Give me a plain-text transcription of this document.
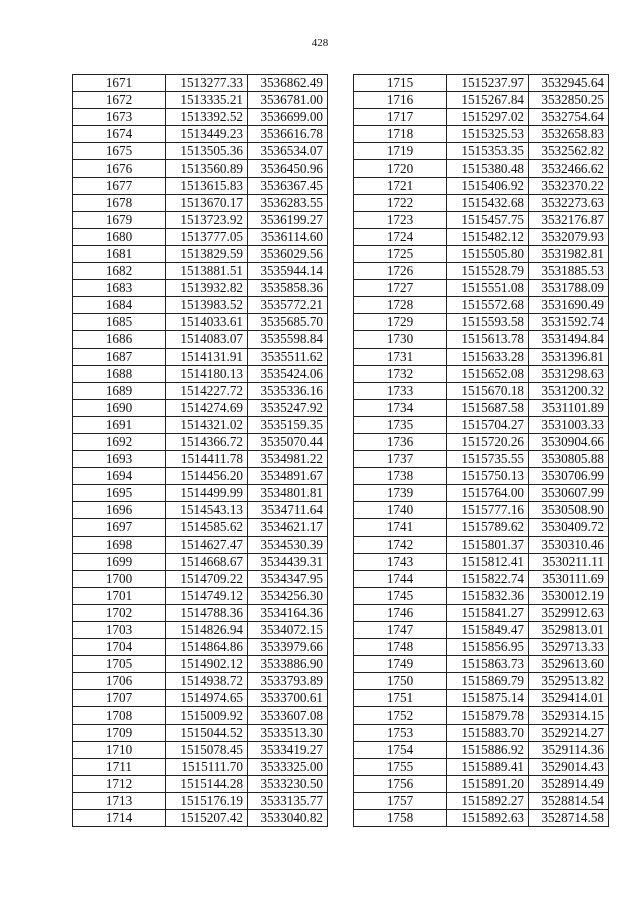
428
1671	1513277.33	3536862.49
1672	1513335.21	3536781.00
1673	1513392.52	3536699.00
1674	1513449.23	3536616.78
1675	1513505.36	3536534.07
1676	1513560.89	3536450.96
1677	1513615.83	3536367.45
1678	1513670.17	3536283.55
1679	1513723.92	3536199.27
1680	1513777.05	3536114.60
1681	1513829.59	3536029.56
1682	1513881.51	3535944.14
1683	1513932.82	3535858.36
1684	1513983.52	3535772.21
1685	1514033.61	3535685.70
1686	1514083.07	3535598.84
1687	1514131.91	3535511.62
1688	1514180.13	3535424.06
1689	1514227.72	3535336.16
1690	1514274.69	3535247.92
1691	1514321.02	3535159.35
1692	1514366.72	3535070.44
1693	1514411.78	3534981.22
1694	1514456.20	3534891.67
1695	1514499.99	3534801.81
1696	1514543.13	3534711.64
1697	1514585.62	3534621.17
1698	1514627.47	3534530.39
1699	1514668.67	3534439.31
1700	1514709.22	3534347.95
1701	1514749.12	3534256.30
1702	1514788.36	3534164.36
1703	1514826.94	3534072.15
1704	1514864.86	3533979.66
1705	1514902.12	3533886.90
1706	1514938.72	3533793.89
1707	1514974.65	3533700.61
1708	1515009.92	3533607.08
1709	1515044.52	3533513.30
1710	1515078.45	3533419.27
1711	1515111.70	3533325.00
1712	1515144.28	3533230.50
1713	1515176.19	3533135.77
1714	1515207.42	3533040.82
1715	1515237.97	3532945.64
1716	1515267.84	3532850.25
1717	1515297.02	3532754.64
1718	1515325.53	3532658.83
1719	1515353.35	3532562.82
1720	1515380.48	3532466.62
1721	1515406.92	3532370.22
1722	1515432.68	3532273.63
1723	1515457.75	3532176.87
1724	1515482.12	3532079.93
1725	1515505.80	3531982.81
1726	1515528.79	3531885.53
1727	1515551.08	3531788.09
1728	1515572.68	3531690.49
1729	1515593.58	3531592.74
1730	1515613.78	3531494.84
1731	1515633.28	3531396.81
1732	1515652.08	3531298.63
1733	1515670.18	3531200.32
1734	1515687.58	3531101.89
1735	1515704.27	3531003.33
1736	1515720.26	3530904.66
1737	1515735.55	3530805.88
1738	1515750.13	3530706.99
1739	1515764.00	3530607.99
1740	1515777.16	3530508.90
1741	1515789.62	3530409.72
1742	1515801.37	3530310.46
1743	1515812.41	3530211.11
1744	1515822.74	3530111.69
1745	1515832.36	3530012.19
1746	1515841.27	3529912.63
1747	1515849.47	3529813.01
1748	1515856.95	3529713.33
1749	1515863.73	3529613.60
1750	1515869.79	3529513.82
1751	1515875.14	3529414.01
1752	1515879.78	3529314.15
1753	1515883.70	3529214.27
1754	1515886.92	3529114.36
1755	1515889.41	3529014.43
1756	1515891.20	3528914.49
1757	1515892.27	3528814.54
1758	1515892.63	3528714.58
